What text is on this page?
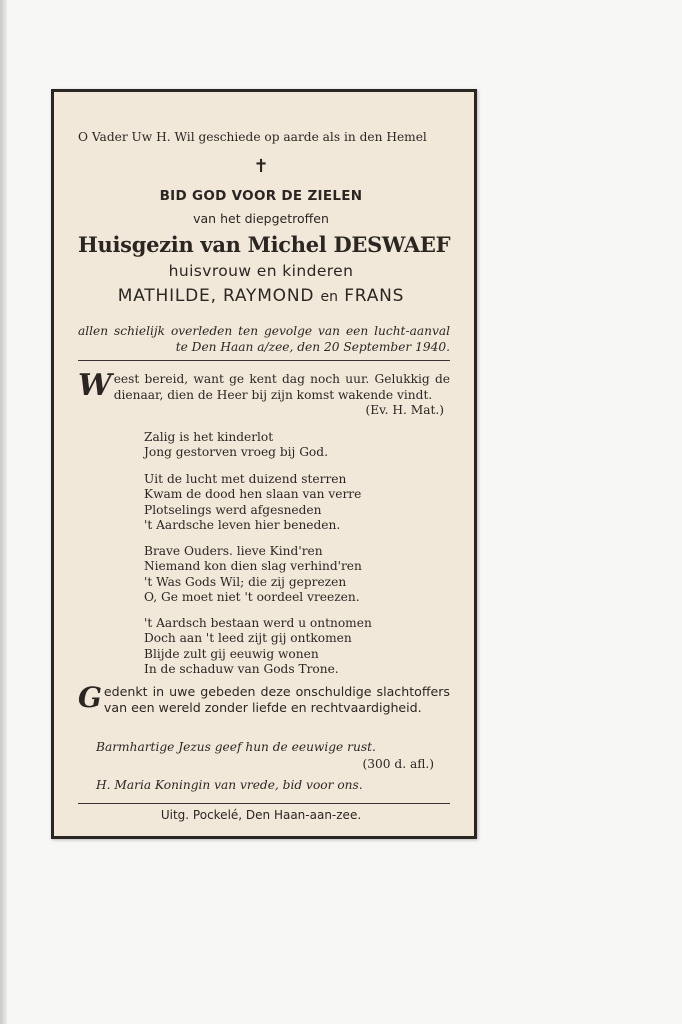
O Vader Uw H. Wil geschiede op aarde als in den Hemel
✝
BID GOD VOOR DE ZIELEN
van het diepgetroffen
Huisgezin van Michel DESWAEF
huisvrouw en kinderen
MATHILDE, RAYMOND en FRANS
allen schielijk overleden ten gevolge van een lucht-aanval te Den Haan a/zee, den 20 September 1940.
W eest bereid, want ge kent dag noch uur. Gelukkig de dienaar, dien de Heer bij zijn komst wakende vindt.
(Ev. H. Mat.)
Zalig is het kinderlot
Jong gestorven vroeg bij God.
Uit de lucht met duizend sterren
Kwam de dood hen slaan van verre
Plotselings werd afgesneden
't Aardsche leven hier beneden.
Brave Ouders. lieve Kind'ren
Niemand kon dien slag verhind'ren
't Was Gods Wil; die zij geprezen
O, Ge moet niet 't oordeel vreezen.
't Aardsch bestaan werd u ontnomen
Doch aan 't leed zijt gij ontkomen
Blijde zult gij eeuwig wonen
In de schaduw van Gods Trone.
G edenkt in uwe gebeden deze onschuldige slachtoffers van een wereld zonder liefde en rechtvaardigheid.
Barmhartige Jezus geef hun de eeuwige rust.
(300 d. afl.)
H. Maria Koningin van vrede, bid voor ons.
Uitg. Pockelé, Den Haan-aan-zee.
